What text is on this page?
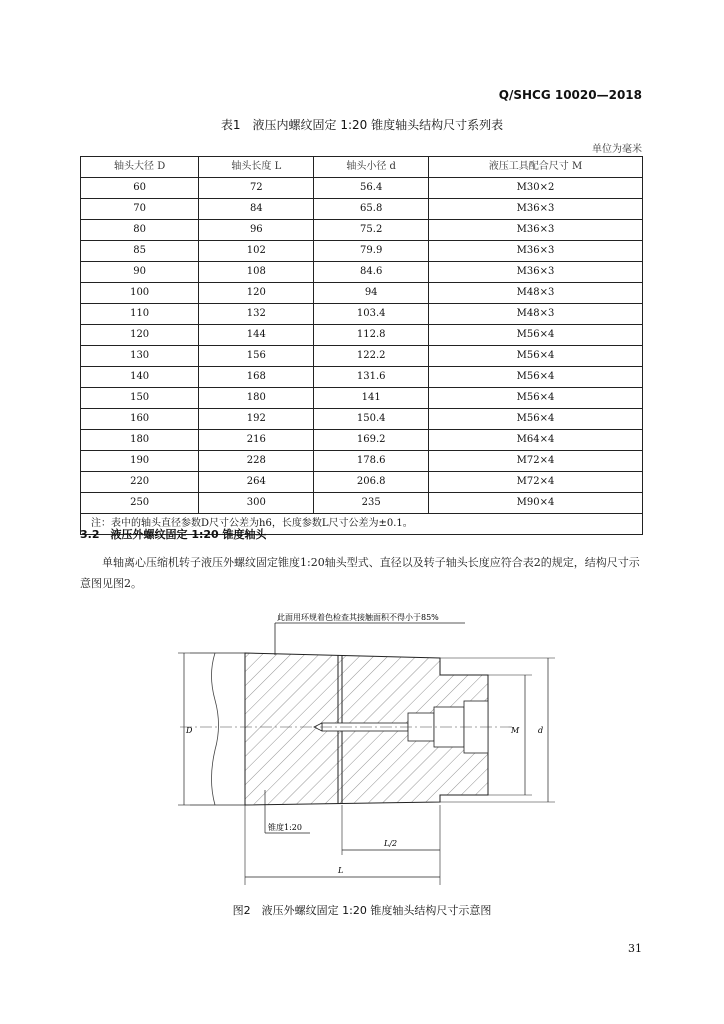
Q/SHCG 10020—2018
表1　液压内螺纹固定 1:20 锥度轴头结构尺寸系列表
单位为毫米
轴头大径 D	轴头长度 L	轴头小径 d	液压工具配合尺寸 M
60	72	56.4	M30×2
70	84	65.8	M36×3
80	96	75.2	M36×3
85	102	79.9	M36×3
90	108	84.6	M36×3
100	120	94	M48×3
110	132	103.4	M48×3
120	144	112.8	M56×4
130	156	122.2	M56×4
140	168	131.6	M56×4
150	180	141	M56×4
160	192	150.4	M56×4
180	216	169.2	M64×4
190	228	178.6	M72×4
220	264	206.8	M72×4
250	300	235	M90×4
注：表中的轴头直径参数D尺寸公差为h6，长度参数L尺寸公差为±0.1。			
3.2　液压外螺纹固定 1:20 锥度轴头
单轴离心压缩机转子液压外螺纹固定锥度1:20轴头型式、直径以及转子轴头长度应符合表2的规定，结构尺寸示意图见图2。
此面用环规着色检查其接触面积不得小于85%
D	M d
锥度1:20
L/2
L
图2　液压外螺纹固定 1:20 锥度轴头结构尺寸示意图
31
